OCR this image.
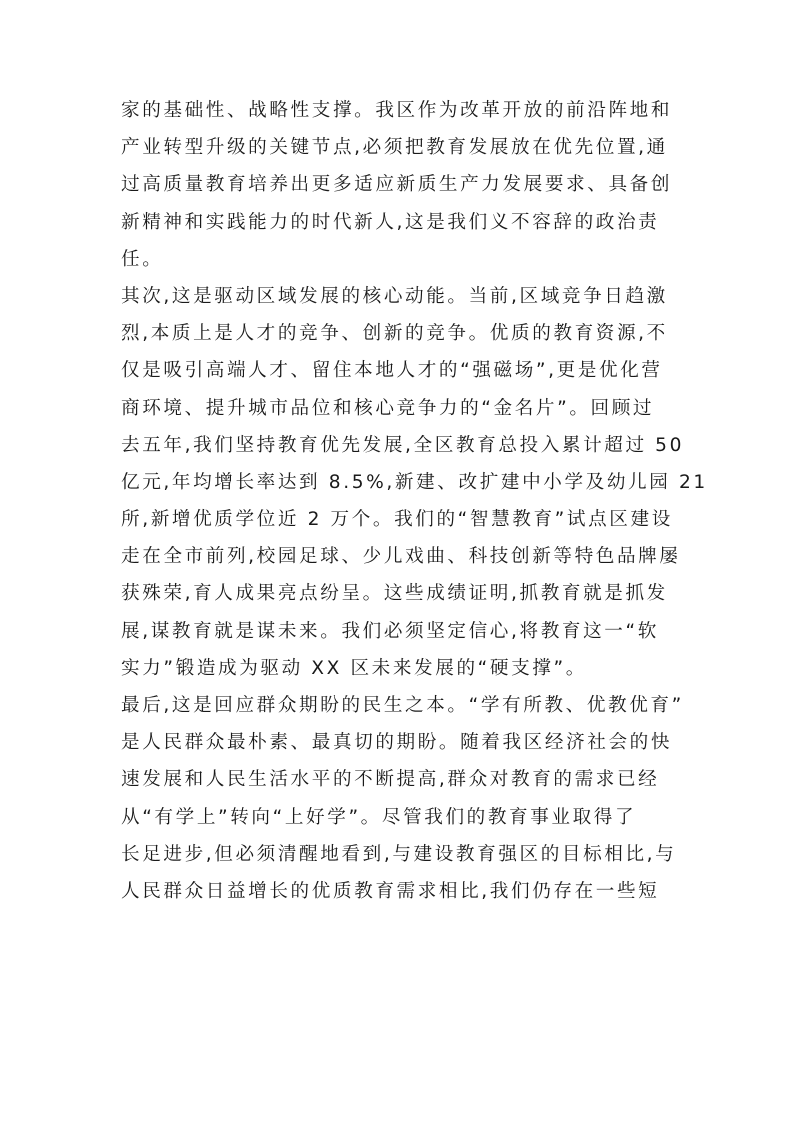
家的基础性、战略性支撑。我区作为改革开放的前沿阵地和
产业转型升级的关键节点,必须把教育发展放在优先位置,通
过高质量教育培养出更多适应新质生产力发展要求、具备创
新精神和实践能力的时代新人,这是我们义不容辞的政治责
任。
其次,这是驱动区域发展的核心动能。当前,区域竞争日趋激
烈,本质上是人才的竞争、创新的竞争。优质的教育资源,不
仅是吸引高端人才、留住本地人才的“强磁场”,更是优化营
商环境、提升城市品位和核心竞争力的“金名片”。回顾过
去五年,我们坚持教育优先发展,全区教育总投入累计超过 50
亿元,年均增长率达到 8.5%,新建、改扩建中小学及幼儿园 21
所,新增优质学位近 2 万个。我们的“智慧教育”试点区建设
走在全市前列,校园足球、少儿戏曲、科技创新等特色品牌屡
获殊荣,育人成果亮点纷呈。这些成绩证明,抓教育就是抓发
展,谋教育就是谋未来。我们必须坚定信心,将教育这一“软
实力”锻造成为驱动 XX 区未来发展的“硬支撑”。
最后,这是回应群众期盼的民生之本。“学有所教、优教优育”
是人民群众最朴素、最真切的期盼。随着我区经济社会的快
速发展和人民生活水平的不断提高,群众对教育的需求已经
从“有学上”转向“上好学”。尽管我们的教育事业取得了
长足进步,但必须清醒地看到,与建设教育强区的目标相比,与
人民群众日益增长的优质教育需求相比,我们仍存在一些短
